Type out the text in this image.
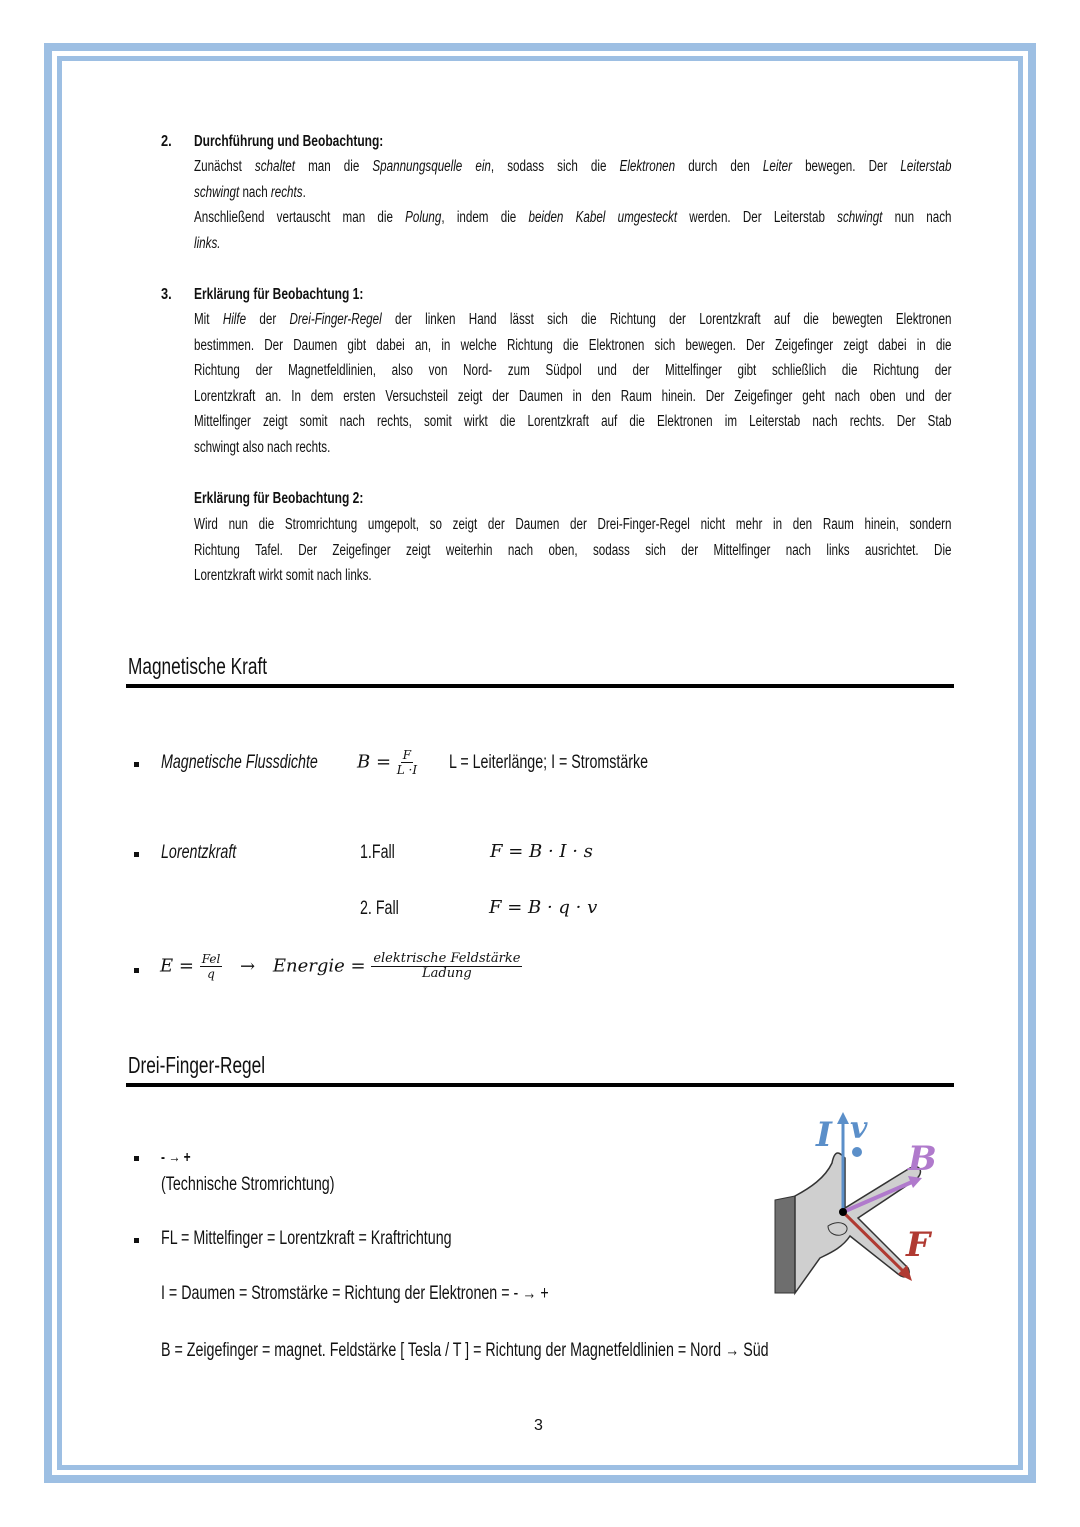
2. Durchführung und Beobachtung:
Zunächst schaltet man die Spannungsquelle ein, sodass sich die Elektronen durch den Leiter bewegen. Der Leiterstab
schwingt nach rechts.
Anschließend vertauscht man die Polung, indem die beiden Kabel umgesteckt werden. Der Leiterstab schwingt nun nach
links.
3. Erklärung für Beobachtung 1:
Mit Hilfe der Drei-Finger-Regel der linken Hand lässt sich die Richtung der Lorentzkraft auf die bewegten Elektronen
bestimmen. Der Daumen gibt dabei an, in welche Richtung die Elektronen sich bewegen. Der Zeigefinger zeigt dabei in die
Richtung der Magnetfeldlinien, also von Nord- zum Südpol und der Mittelfinger gibt schließlich die Richtung der
Lorentzkraft an. In dem ersten Versuchsteil zeigt der Daumen in den Raum hinein. Der Zeigefinger geht nach oben und der
Mittelfinger zeigt somit nach rechts, somit wirkt die Lorentzkraft auf die Elektronen im Leiterstab nach rechts. Der Stab
schwingt also nach rechts.
Erklärung für Beobachtung 2:
Wird nun die Stromrichtung umgepolt, so zeigt der Daumen der Drei-Finger-Regel nicht mehr in den Raum hinein, sondern
Richtung Tafel. Der Zeigefinger zeigt weiterhin nach oben, sodass sich der Mittelfinger nach links ausrichtet. Die
Lorentzkraft wirkt somit nach links.
Magnetische Kraft
Magnetische Flussdichte $B = \frac{F}{L \cdot I}$ L = Leiterlänge; I = Stromstärke
Lorentzkraft	1.Fall	F = B · I · s
2. Fall	F = B · q · v
$E = \frac{\text{Fel}}{q}$ → Energie = $\frac{\text{elektrische Feldstärke}}{\text{Ladung}}$
Drei-Finger-Regel
- → +
(Technische Stromrichtung)
FL = Mittelfinger = Lorentzkraft = Kraftrichtung
I = Daumen = Stromstärke = Richtung der Elektronen = - → +
B = Zeigefinger = magnet. Feldstärke [ Tesla / T ] = Richtung der Magnetfeldlinien = Nord → Süd
I v
B
F
3
